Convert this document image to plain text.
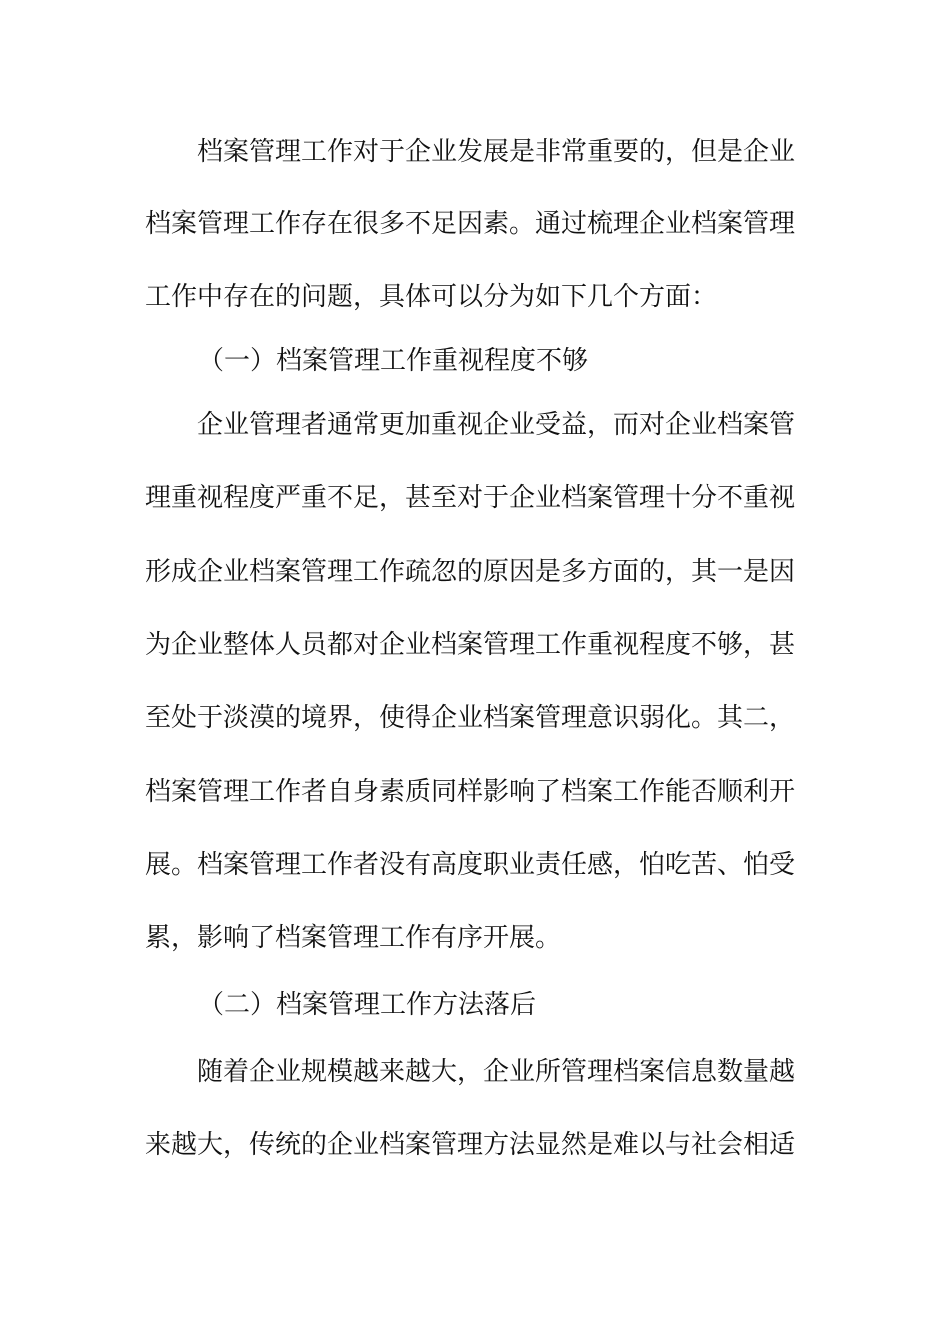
　　档案管理工作对于企业发展是非常重要的，但是企业
档案管理工作存在很多不足因素。通过梳理企业档案管理
工作中存在的问题，具体可以分为如下几个方面：
（一）档案管理工作重视程度不够
　　企业管理者通常更加重视企业受益，而对企业档案管
理重视程度严重不足，甚至对于企业档案管理十分不重视
形成企业档案管理工作疏忽的原因是多方面的，其一是因
为企业整体人员都对企业档案管理工作重视程度不够，甚
至处于淡漠的境界，使得企业档案管理意识弱化。其二，
档案管理工作者自身素质同样影响了档案工作能否顺利开
展。档案管理工作者没有高度职业责任感，怕吃苦、怕受
累，影响了档案管理工作有序开展。
（二）档案管理工作方法落后
　　随着企业规模越来越大，企业所管理档案信息数量越
来越大，传统的企业档案管理方法显然是难以与社会相适
